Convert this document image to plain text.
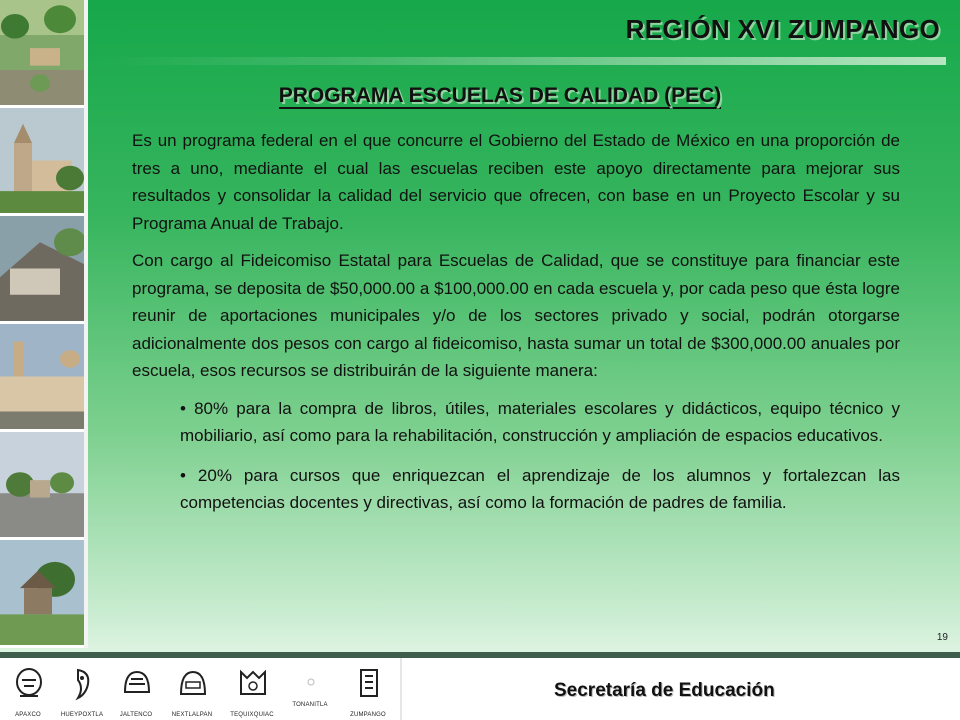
REGIÓN XVI ZUMPANGO
PROGRAMA ESCUELAS DE CALIDAD (PEC)

Es un programa federal en el que concurre el Gobierno del Estado de México en una proporción de tres a uno, mediante el cual las escuelas reciben este apoyo directamente para mejorar sus resultados y consolidar la calidad del servicio que ofrecen, con base en un Proyecto Escolar y su Programa Anual de Trabajo.

Con cargo al Fideicomiso Estatal para Escuelas de Calidad, que se constituye para financiar este programa, se deposita de $50,000.00 a $100,000.00 en cada escuela y, por cada peso que ésta logre reunir de aportaciones municipales y/o de los sectores privado y social, podrán otorgarse adicionalmente dos pesos con cargo al fideicomiso, hasta sumar un total de $300,000.00 anuales por escuela, esos recursos se distribuirán de la siguiente manera:

• 80% para la compra de libros, útiles, materiales escolares y didácticos, equipo técnico y mobiliario, así como para la rehabilitación, construcción y ampliación de espacios educativos.

• 20% para cursos que enriquezcan el aprendizaje de los alumnos y fortalezcan las competencias docentes y directivas, así como la formación de padres de familia.

19
APAXCO	HUEYPOXTLA	JALTENCO	NEXTLALPAN	TEQUIXQUIAC
TONANITLA
ZUMPANGO
Secretaría de Educación
